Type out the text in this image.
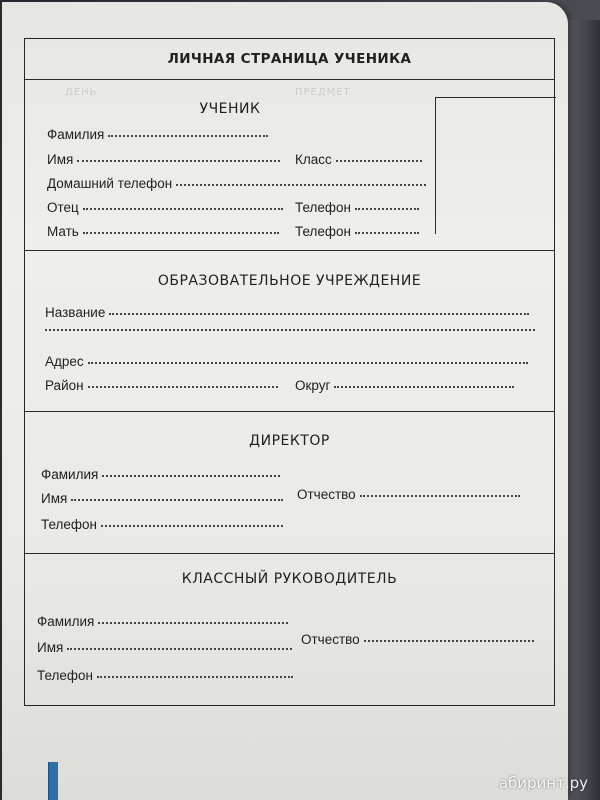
ЛИЧНАЯ СТРАНИЦА УЧЕНИКА
ДЕНЬ	ПРЕДМЕТ
УЧЕНИК
Фамилия
Имя	Класс
Домашний телефон
Отец	Телефон
Мать	Телефон
ОБРАЗОВАТЕЛЬНОЕ УЧРЕЖДЕНИЕ
Название
Адрес
Район	Округ
ДИРЕКТОР
Фамилия
Имя	Отчество
Телефон
КЛАССНЫЙ РУКОВОДИТЕЛЬ
Фамилия
Имя
Отчество
Телефон
абиринт.ру
